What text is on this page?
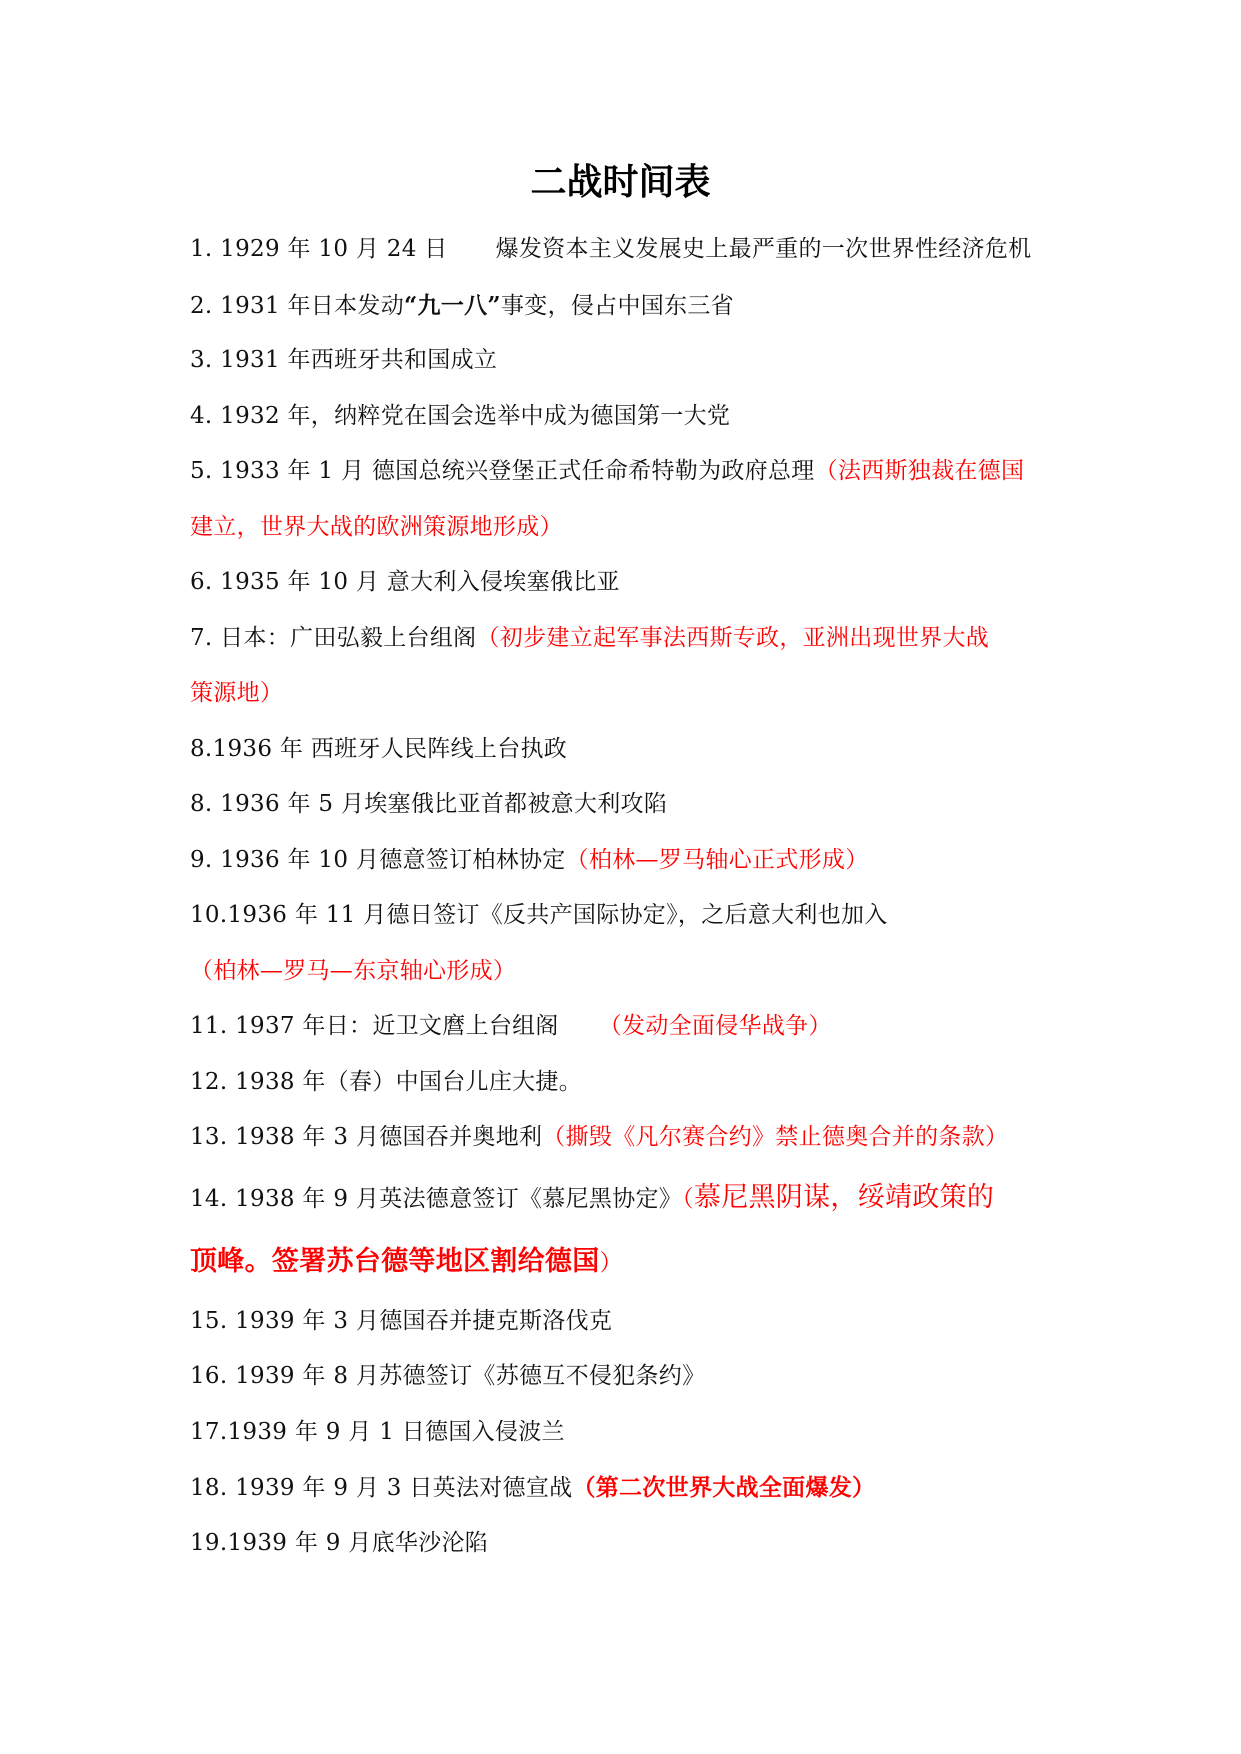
二战时间表
1. 1929 年 10 月 24 日 爆发资本主义发展史上最严重的一次世界性经济危机
2. 1931 年日本发动“九一八”事变，侵占中国东三省
3. 1931 年西班牙共和国成立
4. 1932 年，纳粹党在国会选举中成为德国第一大党
5. 1933 年 1 月 德国总统兴登堡正式任命希特勒为政府总理（法西斯独裁在德国
建立，世界大战的欧洲策源地形成）
6. 1935 年 10 月 意大利入侵埃塞俄比亚
7. 日本：广田弘毅上台组阁（初步建立起军事法西斯专政，亚洲出现世界大战
策源地）
8.1936 年 西班牙人民阵线上台执政
8. 1936 年 5 月埃塞俄比亚首都被意大利攻陷
9. 1936 年 10 月德意签订柏林协定（柏林—罗马轴心正式形成）
10.1936 年 11 月德日签订《反共产国际协定》，之后意大利也加入
（柏林—罗马—东京轴心形成）
11. 1937 年日：近卫文麿上台组阁 （发动全面侵华战争）
12. 1938 年（春）中国台儿庄大捷。
13. 1938 年 3 月德国吞并奥地利（撕毁《凡尔赛合约》禁止德奥合并的条款）
14. 1938 年 9 月英法德意签订《慕尼黑协定》（慕尼黑阴谋，绥靖政策的
顶峰。签署苏台德等地区割给德国）
15. 1939 年 3 月德国吞并捷克斯洛伐克
16. 1939 年 8 月苏德签订《苏德互不侵犯条约》
17.1939 年 9 月 1 日德国入侵波兰
18. 1939 年 9 月 3 日英法对德宣战（第二次世界大战全面爆发）
19.1939 年 9 月底华沙沦陷
